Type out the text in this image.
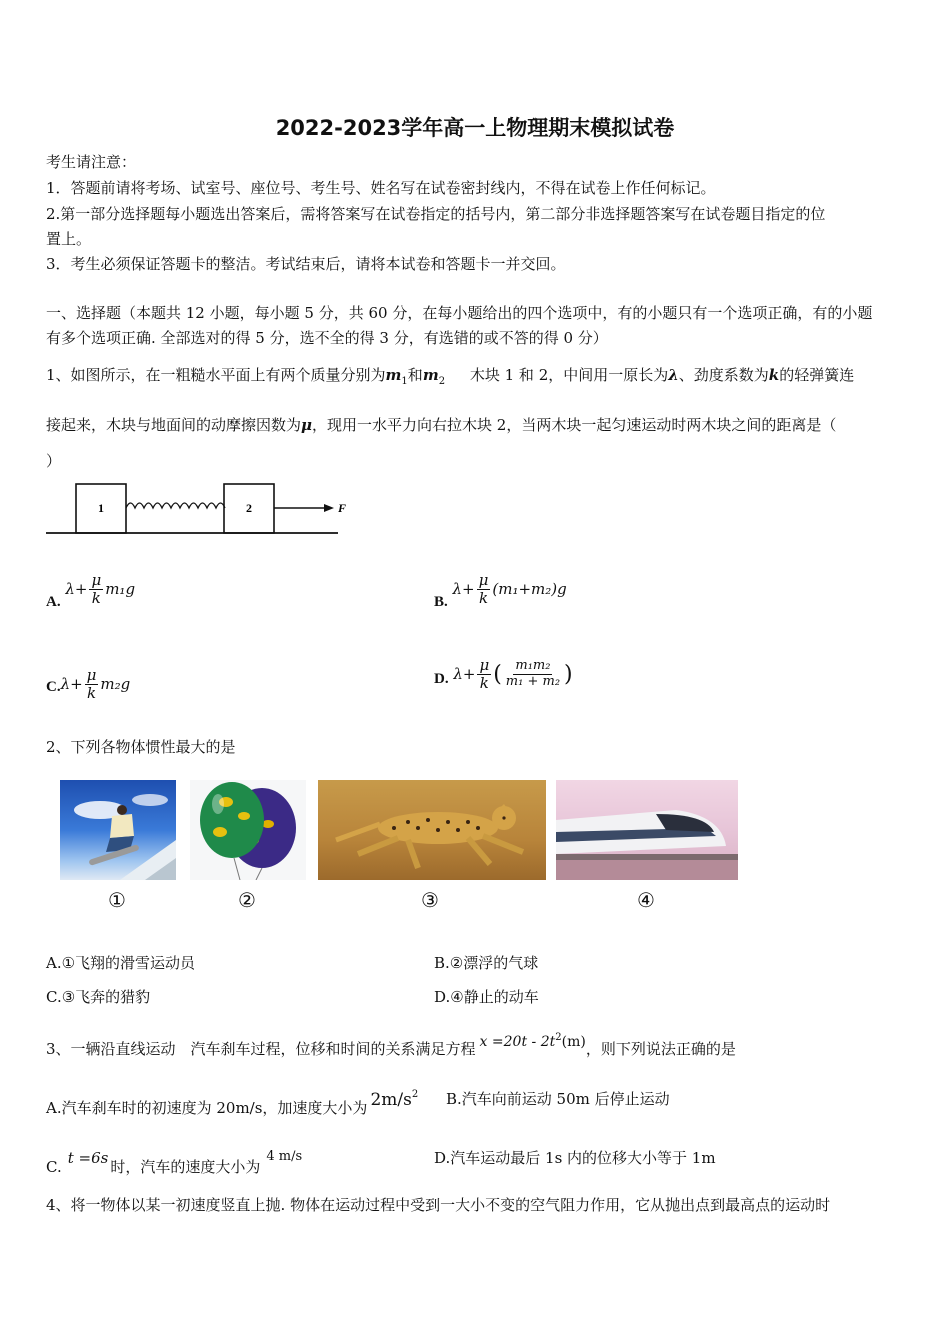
2022-2023学年高一上物理期末模拟试卷
考生请注意：
1．答题前请将考场、试室号、座位号、考生号、姓名写在试卷密封线内，不得在试卷上作任何标记。
2.第一部分选择题每小题选出答案后，需将答案写在试卷指定的括号内，第二部分非选择题答案写在试卷题目指定的位
置上。
3．考生必须保证答题卡的整洁。考试结束后，请将本试卷和答题卡一并交回。
一、选择题（本题共 12 小题，每小题 5 分，共 60 分，在每小题给出的四个选项中，有的小题只有一个选项正确，有的小题
有多个选项正确. 全部选对的得 5 分，选不全的得 3 分，有选错的或不答的得 0 分）
1、如图所示，在一粗糙水平面上有两个质量分别为$m_1$和$m_2$ 木块 1 和 2，中间用一原长为λ、劲度系数为k的轻弹簧连
接起来，木块与地面间的动摩擦因数为μ，现用一水平力向右拉木块 2，当两木块一起匀速运动时两木块之间的距离是（
）
1	2	F
A. $\lambda+ \frac{\mu}{k} m_1g$
B. $\lambda+ \frac{\mu}{k} (m_1+m_2)g$
$C.\lambda+ \frac{\mu}{k} m_2g$	D. $\lambda+ \frac{\mu}{k}$ ( $\frac{\text{m₁m₂}}{\text{m₁ + m₂}}$ )
2、下列各物体惯性最大的是
①	②	③	④
A.①飞翔的滑雪运动员	B.②漂浮的气球
C.③飞奔的猎豹	D.④静止的动车
3、一辆沿直线运动　汽车刹车过程，位移和时间的关系满足方程 $x =20t - 2t^2(m)$，则下列说法正确的是
A.汽车刹车时的初速度为 20m/s，加速度大小为 $2m/s^2$ B.汽车向前运动 50m 后停止运动
C. t =6s 时，汽车的速度大小为4 m/s	D.汽车运动最后 1s 内的位移大小等于 1m
4、将一物体以某一初速度竖直上抛. 物体在运动过程中受到一大小不变的空气阻力作用，它从抛出点到最高点的运动时
